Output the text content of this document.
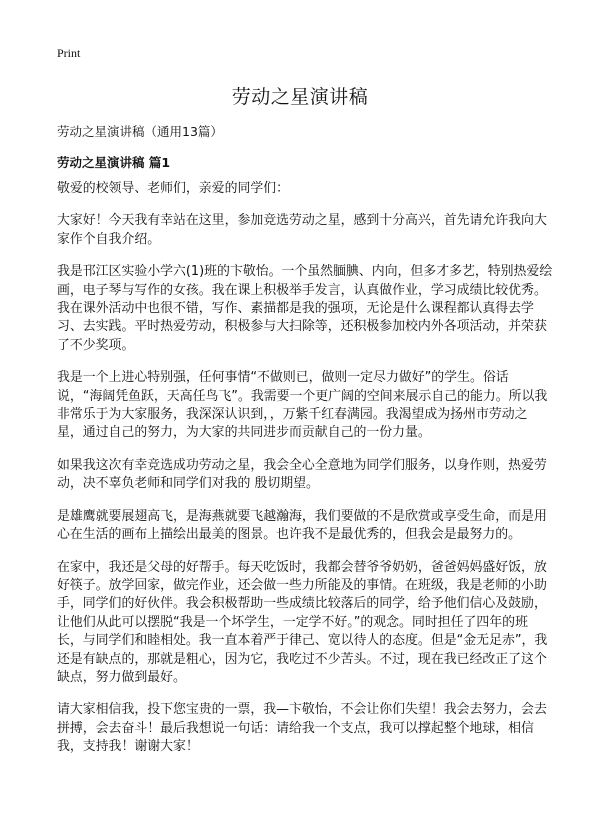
Print
劳动之星演讲稿
劳动之星演讲稿（通用13篇）
劳动之星演讲稿 篇1

敬爱的校领导、老师们，亲爱的同学们：

大家好！今天我有幸站在这里，参加竞选劳动之星，感到十分高兴，首先请允许我向大家作个自我介绍。

我是邗江区实验小学六(1)班的卞敬怡。一个虽然腼腆、内向，但多才多艺，特别热爱绘画，电子琴与写作的女孩。我在课上积极举手发言，认真做作业，学习成绩比较优秀。我在课外活动中也很不错，写作、素描都是我的强项，无论是什么课程都认真得去学习、去实践。平时热爱劳动，积极参与大扫除等，还积极参加校内外各项活动，并荣获了不少奖项。

我是一个上进心特别强，任何事情“不做则已，做则一定尽力做好”的学生。俗话说，“海阔凭鱼跃，天高任鸟飞”。我需要一个更广阔的空间来展示自己的能力。所以我非常乐于为大家服务，我深深认识到，，万紫千红春满园。我渴望成为扬州市劳动之星，通过自己的努力，为大家的共同进步而贡献自己的一份力量。

如果我这次有幸竞选成功劳动之星，我会全心全意地为同学们服务，以身作则，热爱劳动，决不辜负老师和同学们对我的 殷切期望。

是雄鹰就要展翅高飞，是海燕就要飞越瀚海，我们要做的不是欣赏或享受生命，而是用心在生活的画布上描绘出最美的图景。也许我不是最优秀的，但我会是最努力的。

在家中，我还是父母的好帮手。每天吃饭时，我都会替爷爷奶奶，爸爸妈妈盛好饭，放好筷子。放学回家，做完作业，还会做一些力所能及的事情。在班级，我是老师的小助手，同学们的好伙伴。我会积极帮助一些成绩比较落后的同学，给予他们信心及鼓励，让他们从此可以摆脱“我是一个坏学生，一定学不好。”的观念。同时担任了四年的班长，与同学们和睦相处。我一直本着严于律己、宽以待人的态度。但是“金无足赤”，我还是有缺点的，那就是粗心，因为它，我吃过不少苦头。不过，现在我已经改正了这个缺点，努力做到最好。

请大家相信我，投下您宝贵的一票，我—卞敬怡，不会让你们失望！我会去努力，会去拼搏，会去奋斗！最后我想说一句话：请给我一个支点，我可以撑起整个地球，相信我，支持我！谢谢大家！
